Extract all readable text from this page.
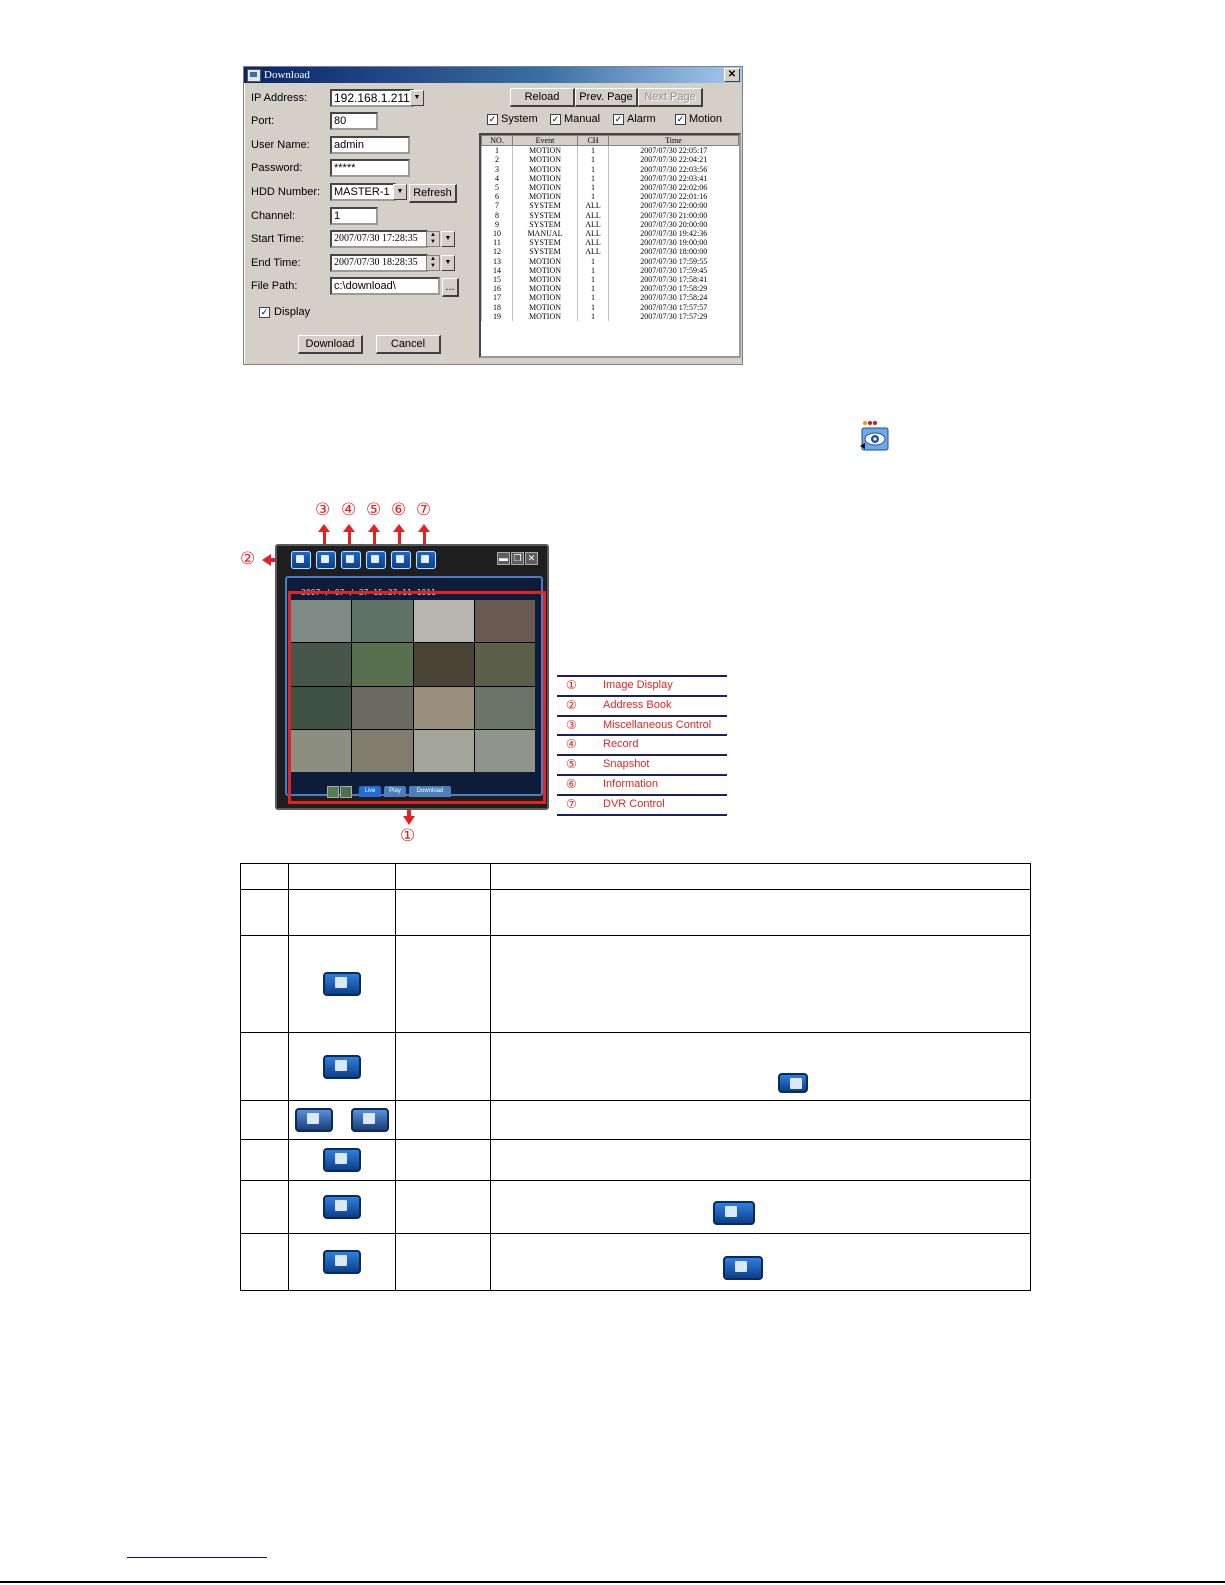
Download	✕
IP Address:	192.168.1.211 ▼
Port:	80
User Name:	admin
Password:	*****
HDD Number:	MASTER-1 ▼ Refresh
Channel:	1
Start Time:	2007/07/30 17:28:35	▲
▼	▼
End Time:	2007/07/30 18:28:35	▲
▼	▼
File Path:	c:\download\	...
✓ Display
Download	Cancel
Reload	Prev. Page	Next Page
✓ System ✓ Manual ✓ Alarm ✓ Motion
NO.	Event	CH	Time
1	MOTION	1	2007/07/30 22:05:17
2	MOTION	1	2007/07/30 22:04:21
3	MOTION	1	2007/07/30 22:03:56
4	MOTION	1	2007/07/30 22:03:41
5	MOTION	1	2007/07/30 22:02:06
6	MOTION	1	2007/07/30 22:01:16
7	SYSTEM	ALL	2007/07/30 22:00:00
8	SYSTEM	ALL	2007/07/30 21:00:00
9	SYSTEM	ALL	2007/07/30 20:00:00
10	MANUAL	ALL	2007/07/30 19:42:36
11	SYSTEM	ALL	2007/07/30 19:00:00
12	SYSTEM	ALL	2007/07/30 18:00:00
13	MOTION	1	2007/07/30 17:59:55
14	MOTION	1	2007/07/30 17:59:45
15	MOTION	1	2007/07/30 17:58:41
16	MOTION	1	2007/07/30 17:58:29
17	MOTION	1	2007/07/30 17:58:24
18	MOTION	1	2007/07/30 17:57:57
19	MOTION	1	2007/07/30 17:57:29
③ ④ ⑤ ⑥ ⑦
②
①
▬ ❐ ✕
2007 / 07 / 27 15:27:11 1011
Live	Play	Download
① Image Display
② Address Book
③ Miscellaneous Control
④ Record
⑤ Snapshot
⑥ Information
⑦ DVR Control
